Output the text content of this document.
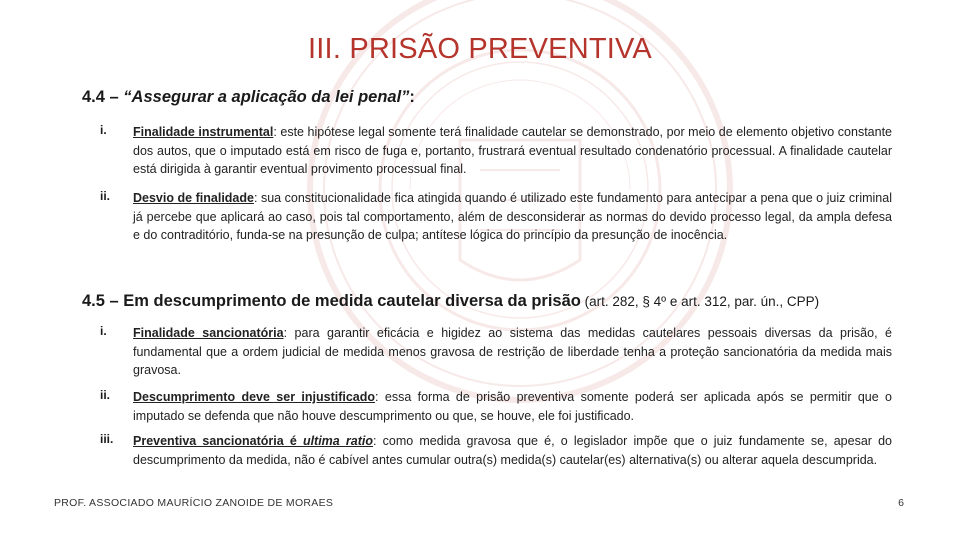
III. PRISÃO PREVENTIVA
4.4 – “Assegurar a aplicação da lei penal”:
i. Finalidade instrumental: este hipótese legal somente terá finalidade cautelar se demonstrado, por meio de elemento objetivo constante dos autos, que o imputado está em risco de fuga e, portanto, frustrará eventual resultado condenatório processual. A finalidade cautelar está dirigida à garantir eventual provimento processual final.
ii. Desvio de finalidade: sua constitucionalidade fica atingida quando é utilizado este fundamento para antecipar a pena que o juiz criminal já percebe que aplicará ao caso, pois tal comportamento, além de desconsiderar as normas do devido processo legal, da ampla defesa e do contraditório, funda-se na presunção de culpa; antítese lógica do princípio da presunção de inocência.
4.5 – Em descumprimento de medida cautelar diversa da prisão (art. 282, § 4º e art. 312, par. ún., CPP)
i. Finalidade sancionatória: para garantir eficácia e higidez ao sistema das medidas cautelares pessoais diversas da prisão, é fundamental que a ordem judicial de medida menos gravosa de restrição de liberdade tenha a proteção sancionatória da medida mais gravosa.
ii. Descumprimento deve ser injustificado: essa forma de prisão preventiva somente poderá ser aplicada após se permitir que o imputado se defenda que não houve descumprimento ou que, se houve, ele foi justificado.
iii. Preventiva sancionatória é ultima ratio: como medida gravosa que é, o legislador impõe que o juiz fundamente se, apesar do descumprimento da medida, não é cabível antes cumular outra(s) medida(s) cautelar(es) alternativa(s) ou alterar aquela descumprida.
PROF. ASSOCIADO MAURÍCIO ZANOIDE DE MORAES	6
